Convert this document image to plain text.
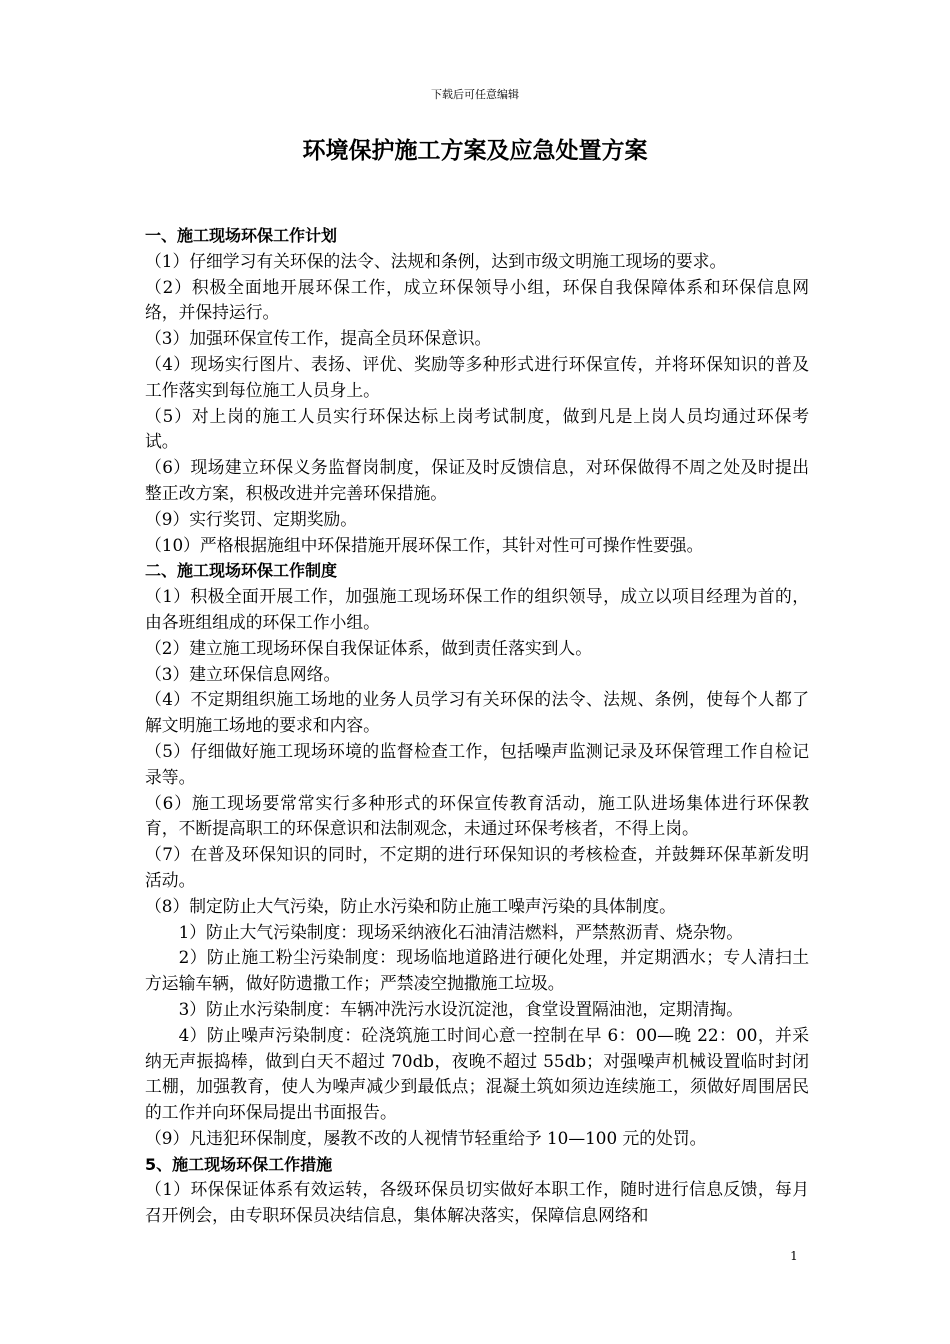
下载后可任意编辑
环境保护施工方案及应急处置方案

一、施工现场环保工作计划

（1）仔细学习有关环保的法令、法规和条例，达到市级文明施工现场的要求。

（2）积极全面地开展环保工作，成立环保领导小组，环保自我保障体系和环保信息网络，并保持运行。

（3）加强环保宣传工作，提高全员环保意识。

（4）现场实行图片、表扬、评优、奖励等多种形式进行环保宣传，并将环保知识的普及工作落实到每位施工人员身上。

（5）对上岗的施工人员实行环保达标上岗考试制度，做到凡是上岗人员均通过环保考试。

（6）现场建立环保义务监督岗制度，保证及时反馈信息，对环保做得不周之处及时提出整正改方案，积极改进并完善环保措施。

（9）实行奖罚、定期奖励。

（10）严格根据施组中环保措施开展环保工作，其针对性可可操作性要强。

二、施工现场环保工作制度

（1）积极全面开展工作，加强施工现场环保工作的组织领导，成立以项目经理为首的，由各班组组成的环保工作小组。

（2）建立施工现场环保自我保证体系，做到责任落实到人。

（3）建立环保信息网络。

（4）不定期组织施工场地的业务人员学习有关环保的法令、法规、条例，使每个人都了解文明施工场地的要求和内容。

（5）仔细做好施工现场环境的监督检查工作，包括噪声监测记录及环保管理工作自检记录等。

（6）施工现场要常常实行多种形式的环保宣传教育活动，施工队进场集体进行环保教育，不断提高职工的环保意识和法制观念，未通过环保考核者，不得上岗。

（7）在普及环保知识的同时，不定期的进行环保知识的考核检查，并鼓舞环保革新发明活动。

（8）制定防止大气污染，防止水污染和防止施工噪声污染的具体制度。

1）防止大气污染制度：现场采纳液化石油清洁燃料，严禁熬沥青、烧杂物。

2）防止施工粉尘污染制度：现场临地道路进行硬化处理，并定期洒水；专人清扫土方运输车辆，做好防遗撒工作；严禁凌空抛撒施工垃圾。

3）防止水污染制度：车辆冲洗污水设沉淀池，食堂设置隔油池，定期清掏。

4）防止噪声污染制度：砼浇筑施工时间心意一控制在早 6：00—晚 22：00，并采纳无声振捣棒，做到白天不超过 70db，夜晚不超过 55db；对强噪声机械设置临时封闭工棚，加强教育，使人为噪声减少到最低点；混凝土筑如须边连续施工，须做好周围居民的工作并向环保局提出书面报告。

（9）凡违犯环保制度，屡教不改的人视情节轻重给予 10—100 元的处罚。

5、施工现场环保工作措施

（1）环保保证体系有效运转，各级环保员切实做好本职工作，随时进行信息反馈，每月召开例会，由专职环保员决结信息，集体解决落实，保障信息网络和

1
